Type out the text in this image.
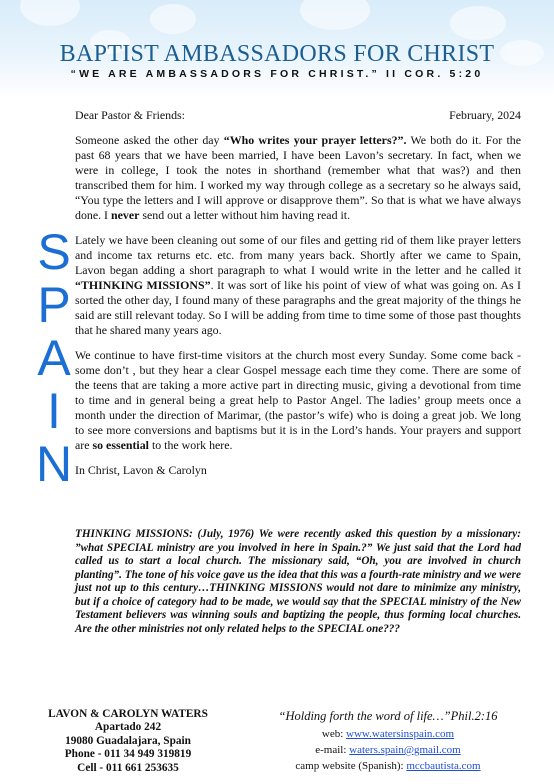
BAPTIST AMBASSADORS FOR CHRIST
“WE ARE AMBASSADORS FOR CHRIST.” II COR. 5:20
S
P
A
I
N
Dear Pastor & Friends:	February, 2024

Someone asked the other day “Who writes your prayer letters?”. We both do it. For the past 68 years that we have been married, I have been Lavon’s secretary. In fact, when we were in college, I took the notes in shorthand (remember what that was?) and then transcribed them for him. I worked my way through college as a secretary so he always said, “You type the letters and I will approve or disapprove them”. So that is what we have always done. I never send out a letter without him having read it.

Lately we have been cleaning out some of our files and getting rid of them like prayer letters and income tax returns etc. etc. from many years back. Shortly after we came to Spain, Lavon began adding a short paragraph to what I would write in the letter and he called it “THINKING MISSIONS”. It was sort of like his point of view of what was going on. As I sorted the other day, I found many of these paragraphs and the great majority of the things he said are still relevant today. So I will be adding from time to time some of those past thoughts that he shared many years ago.

We continue to have first-time visitors at the church most every Sunday. Some come back - some don’t , but they hear a clear Gospel message each time they come. There are some of the teens that are taking a more active part in directing music, giving a devotional from time to time and in general being a great help to Pastor Angel. The ladies’ group meets once a month under the direction of Marimar, (the pastor’s wife) who is doing a great job. We long to see more conversions and baptisms but it is in the Lord’s hands. Your prayers and support are so essential to the work here.

In Christ, Lavon & Carolyn

THINKING MISSIONS: (July, 1976) We were recently asked this question by a missionary: ”what SPECIAL ministry are you involved in here in Spain.?” We just said that the Lord had called us to start a local church. The missionary said, “Oh, you are involved in church planting”. The tone of his voice gave us the idea that this was a fourth-rate ministry and we were just not up to this century…THINKING MISSIONS would not dare to minimize any ministry, but if a choice of category had to be made, we would say that the SPECIAL ministry of the New Testament believers was winning souls and baptizing the people, thus forming local churches. Are the other ministries not only related helps to the SPECIAL one???
LAVON & CAROLYN WATERS
Apartado 242
19080 Guadalajara, Spain
Phone - 011 34 949 319819
Cell - 011 661 253635
“Holding forth the word of life…”Phil.2:16
web: www.watersinspain.com
e-mail: waters.spain@gmail.com
camp website (Spanish): mccbautista.com
